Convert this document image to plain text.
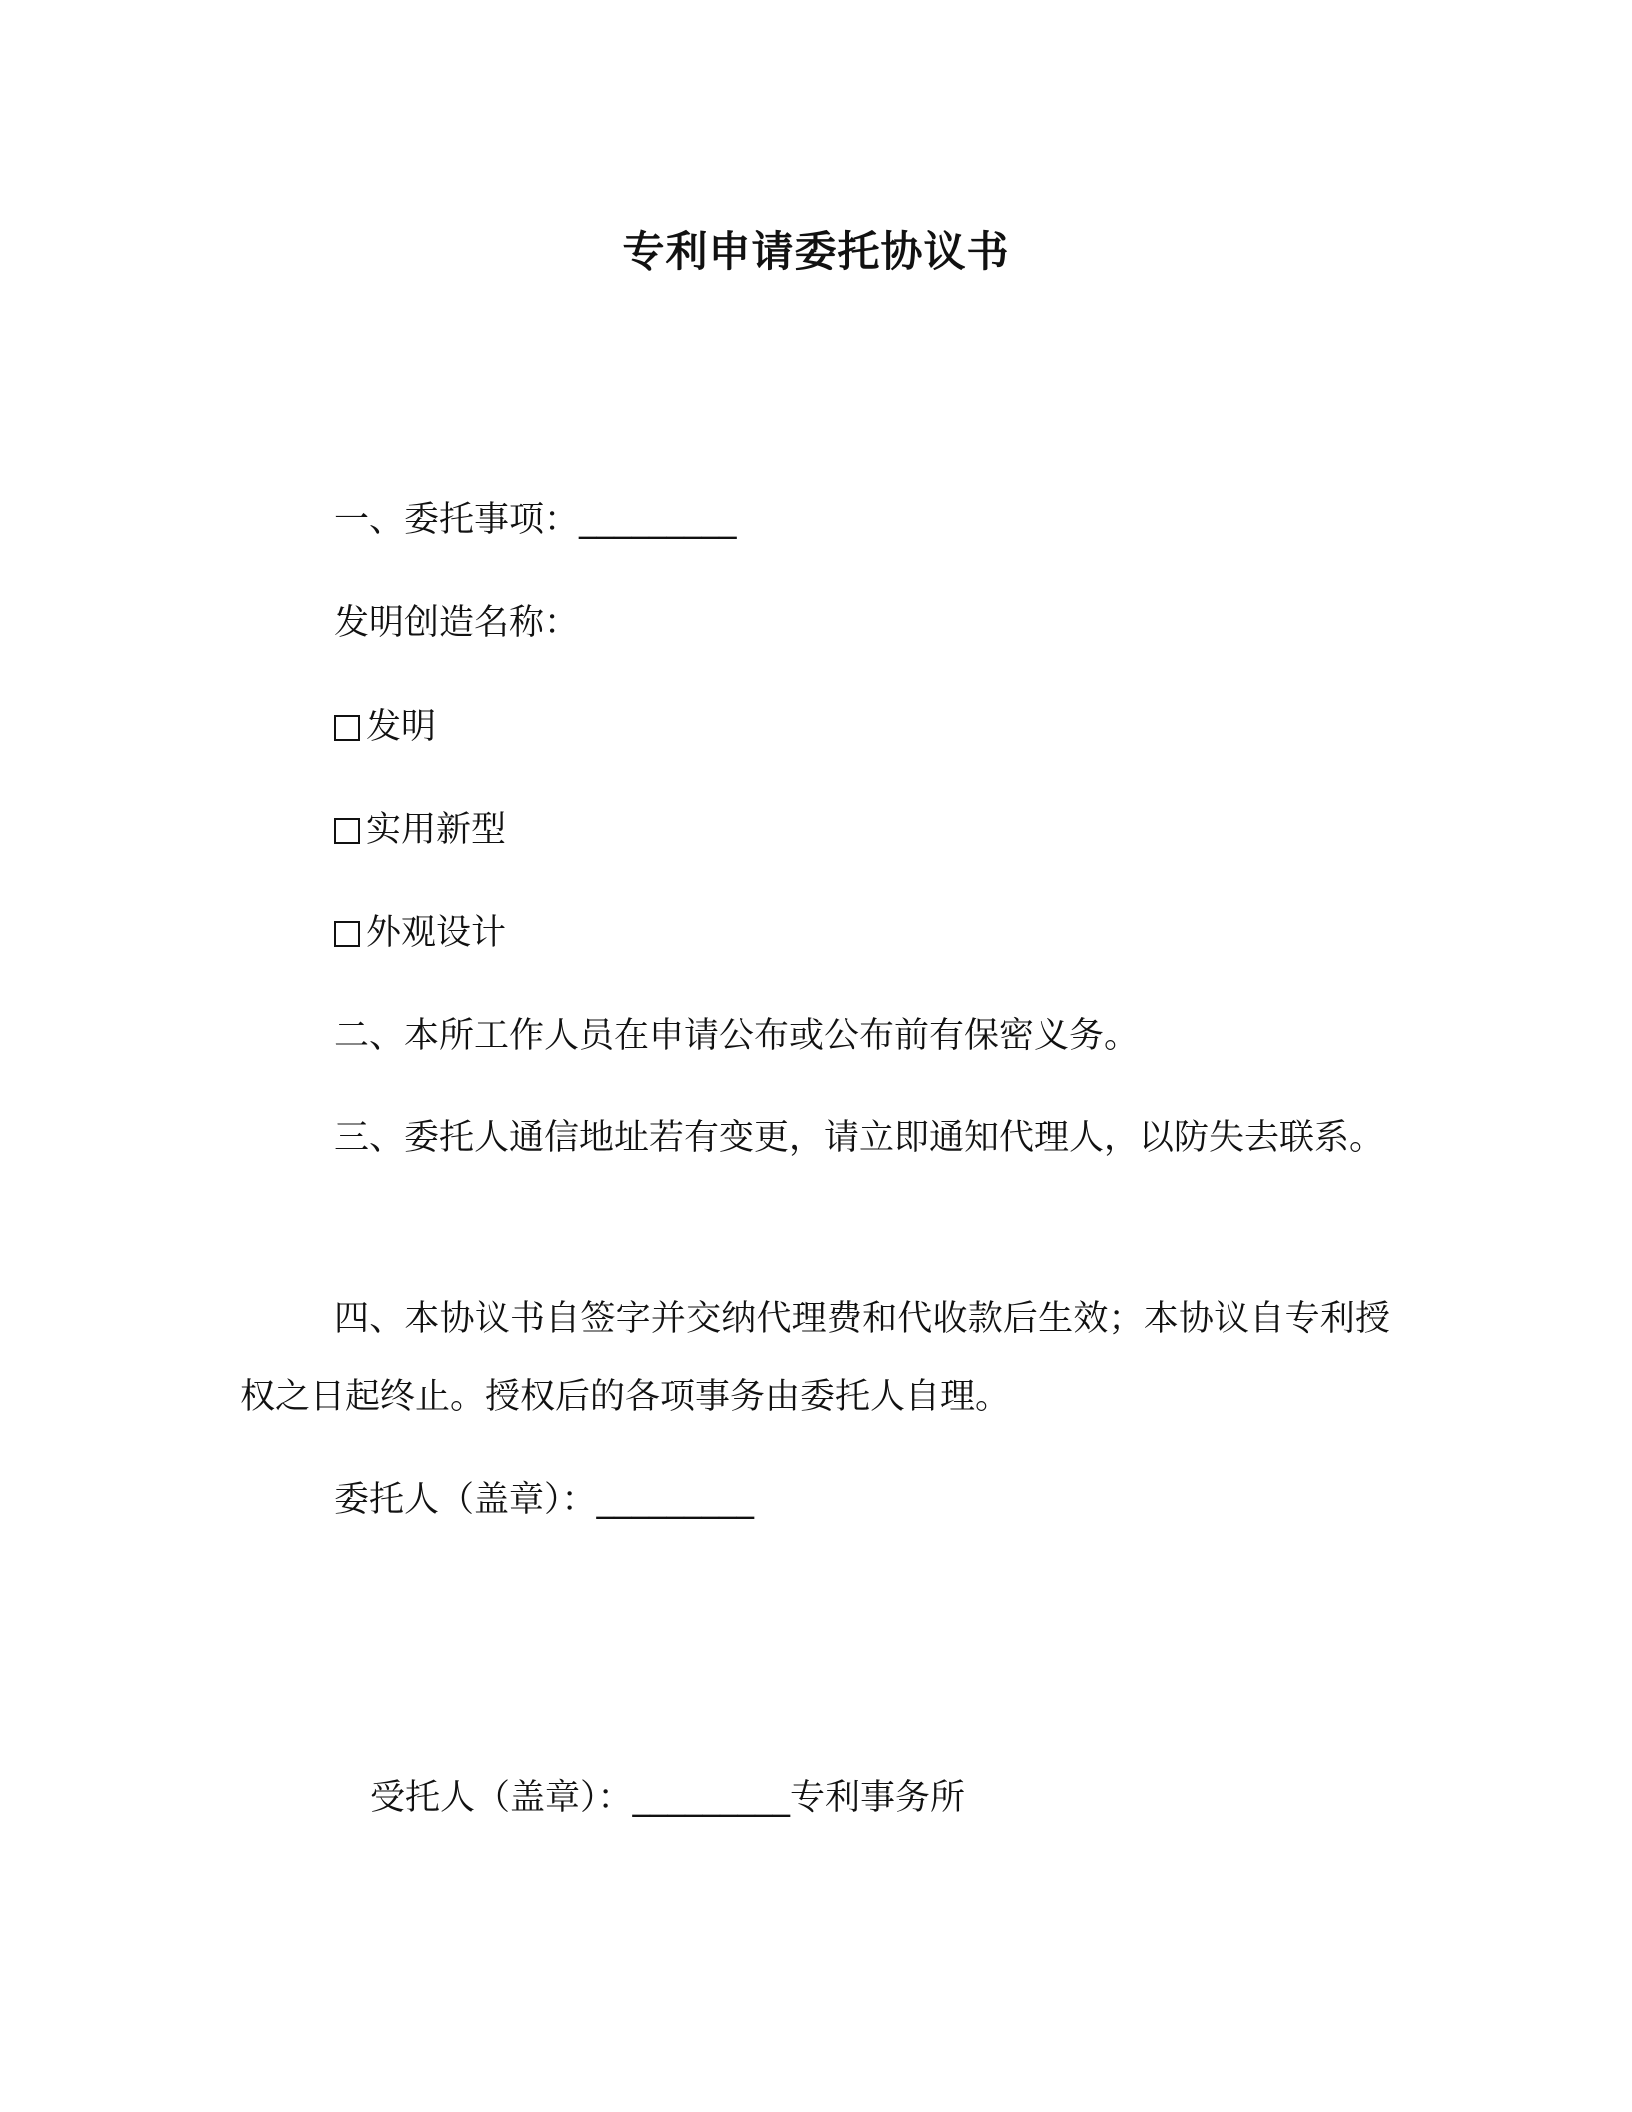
专利申请委托协议书
一、委托事项：_________
发明创造名称：
发明
实用新型
外观设计
二、本所工作人员在申请公布或公布前有保密义务。
三、委托人通信地址若有变更，请立即通知代理人，以防失去联系。
四、本协议书自签字并交纳代理费和代收款后生效；本协议自专利授权之日起终止。授权后的各项事务由委托人自理。
委托人（盖章）：_________
受托人（盖章）：_________专利事务所
